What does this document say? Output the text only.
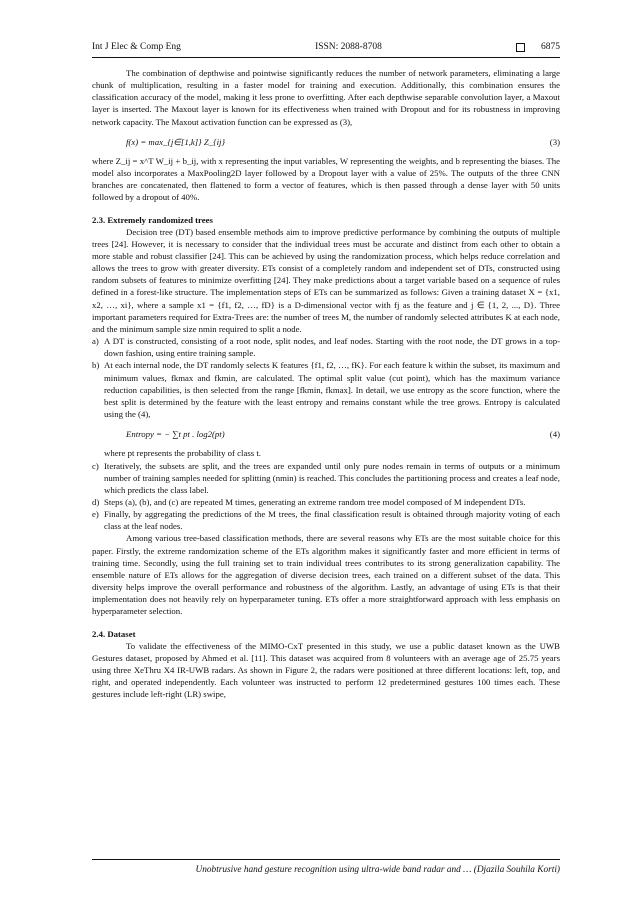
Int J Elec & Comp Eng	ISSN: 2088-8708	6875

The combination of depthwise and pointwise significantly reduces the number of network parameters, eliminating a large chunk of multiplication, resulting in a faster model for training and execution. Additionally, this combination ensures the classification accuracy of the model, making it less prone to overfitting. After each depthwise separable convolution layer, a Maxout layer is inserted. The Maxout layer is known for its effectiveness when trained with Dropout and for its robustness in improving network capacity. The Maxout activation function can be expressed as (3),

f(x) = max_{j∈[1,k]} Z_{ij}	(3)

where Z_ij = x^T W_ij + b_ij, with x representing the input variables, W representing the weights, and b representing the biases. The model also incorporates a MaxPooling2D layer followed by a Dropout layer with a value of 25%. The outputs of the three CNN branches are concatenated, then flattened to form a vector of features, which is then passed through a dense layer with 50 units followed by a dropout of 40%.

2.3. Extremely randomized trees

Decision tree (DT) based ensemble methods aim to improve predictive performance by combining the outputs of multiple trees [24]. However, it is necessary to consider that the individual trees must be accurate and distinct from each other to obtain a more stable and robust classifier [24]. This can be achieved by using the randomization process, which helps reduce correlation and allows the trees to grow with greater diversity. ETs consist of a completely random and independent set of DTs, constructed using random subsets of features to minimize overfitting [24]. They make predictions about a target variable based on a sequence of rules defined in a forest-like structure. The implementation steps of ETs can be summarized as follows: Given a training dataset X = {x1, x2, …, xi}, where a sample x1 = {f1, f2, …, fD} is a D-dimensional vector with fj as the feature and j ∈ {1, 2, ..., D}. Three important parameters required for Extra-Trees are: the number of trees M, the number of randomly selected attributes K at each node, and the minimum sample size nmin required to split a node.

a) A DT is constructed, consisting of a root node, split nodes, and leaf nodes. Starting with the root node, the DT grows in a top-down fashion, using entire training sample.
b) At each internal node, the DT randomly selects K features {f1, f2, …, fK}. For each feature k within the subset, its maximum and minimum values, fkmax and fkmin, are calculated. The optimal split value (cut point), which has the maximum variance reduction capabilities, is then selected from the range [fkmin, fkmax]. In detail, we use entropy as the score function, where the best split is determined by the feature with the least entropy and remains constant while the tree grows. Entropy is calculated using the (4),
Entropy = − ∑t pt . log2(pt)	(4)

where pt represents the probability of class t.

c) Iteratively, the subsets are split, and the trees are expanded until only pure nodes remain in terms of outputs or a minimum number of training samples needed for splitting (nmin) is reached. This concludes the partitioning process and creates a leaf node, which predicts the class label.
d) Steps (a), (b), and (c) are repeated M times, generating an extreme random tree model composed of M independent DTs.
e) Finally, by aggregating the predictions of the M trees, the final classification result is obtained through majority voting of each class at the leaf nodes.

Among various tree-based classification methods, there are several reasons why ETs are the most suitable choice for this paper. Firstly, the extreme randomization scheme of the ETs algorithm makes it significantly faster and more efficient in terms of training time. Secondly, using the full training set to train individual trees contributes to its strong generalization capability. The ensemble nature of ETs allows for the aggregation of diverse decision trees, each trained on a different subset of the data. This diversity helps improve the overall performance and robustness of the algorithm. Lastly, an advantage of using ETs is that their implementation does not heavily rely on hyperparameter tuning. ETs offer a more straightforward approach with less emphasis on hyperparameter selection.

2.4. Dataset

To validate the effectiveness of the MIMO-CxT presented in this study, we use a public dataset known as the UWB Gestures dataset, proposed by Ahmed et al. [11]. This dataset was acquired from 8 volunteers with an average age of 25.75 years using three XeThru X4 IR-UWB radars. As shown in Figure 2, the radars were positioned at three different locations: left, top, and right, and operated independently. Each volunteer was instructed to perform 12 predetermined gestures 100 times each. These gestures include left-right (LR) swipe,

Unobtrusive hand gesture recognition using ultra-wide band radar and … (Djazila Souhila Korti)
